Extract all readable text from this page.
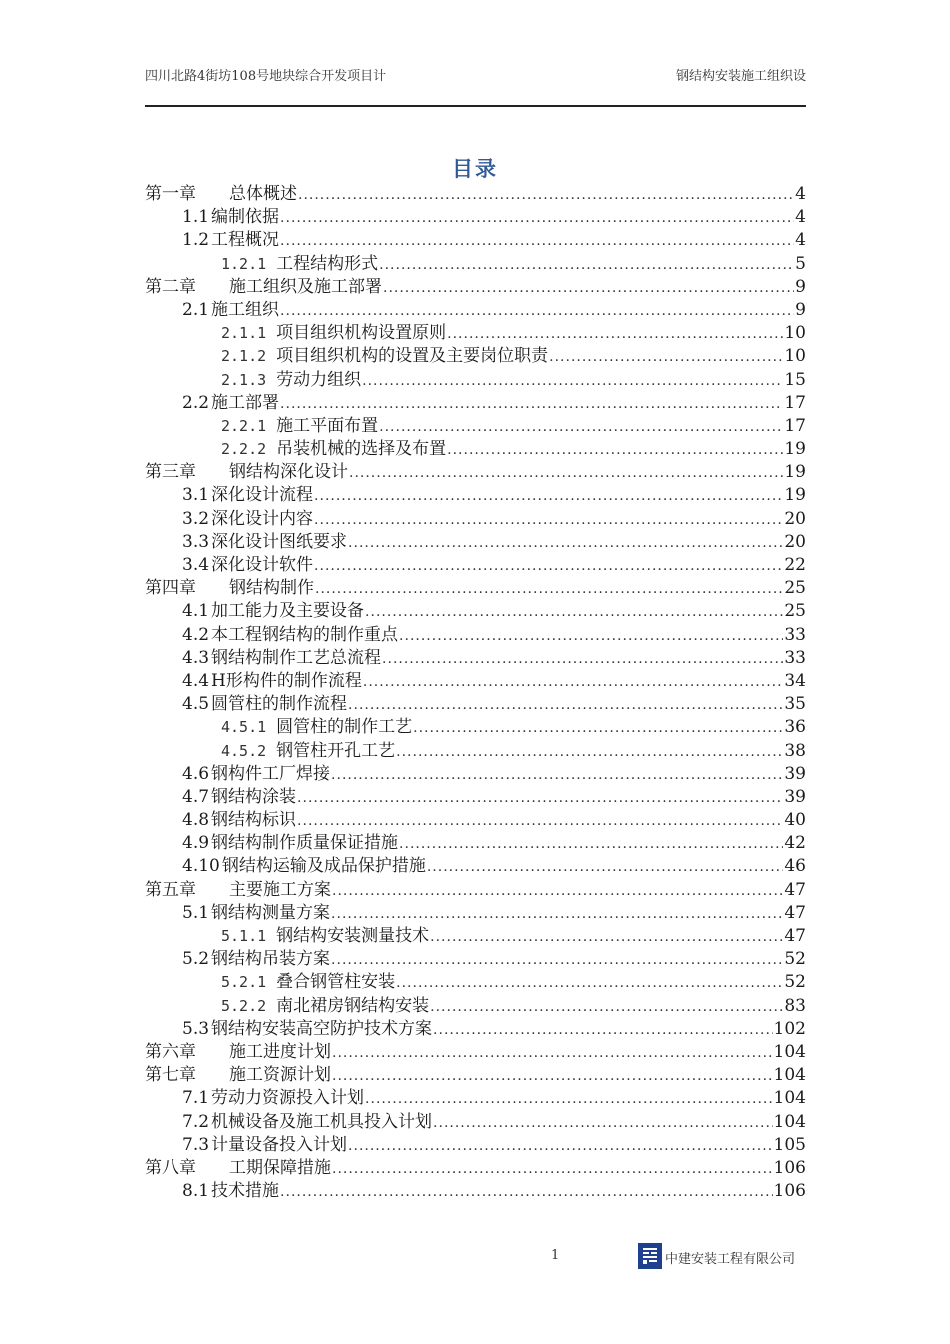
四川北路4街坊108号地块综合开发项目计	钢结构安装施工组织设
目录
第一章 总体概述 .....	4
1.1 编制依据 .....	4
1.2 工程概况 .....	4
1.2.1 工程结构形式 .....	5
第二章 施工组织及施工部署 .....	9
2.1 施工组织 .....	9
2.1.1 项目组织机构设置原则 .....	10
2.1.2 项目组织机构的设置及主要岗位职责 .....	10
2.1.3 劳动力组织 .....	15
2.2 施工部署 .....	17
2.2.1 施工平面布置 .....	17
2.2.2 吊装机械的选择及布置 .....	19
第三章 钢结构深化设计 .....	19
3.1 深化设计流程 .....	19
3.2 深化设计内容 .....	20
3.3 深化设计图纸要求 .....	20
3.4 深化设计软件 .....	22
第四章 钢结构制作 .....	25
4.1 加工能力及主要设备 .....	25
4.2 本工程钢结构的制作重点 .....	33
4.3 钢结构制作工艺总流程 .....	33
4.4 H形构件的制作流程 .....	34
4.5 圆管柱的制作流程 .....	35
4.5.1 圆管柱的制作工艺 .....	36
4.5.2 钢管柱开孔工艺 .....	38
4.6 钢构件工厂焊接 .....	39
4.7 钢结构涂装 .....	39
4.8 钢结构标识 .....	40
4.9 钢结构制作质量保证措施 .....	42
4.10 钢结构运输及成品保护措施 .....	46
第五章 主要施工方案 .....	47
5.1 钢结构测量方案 .....	47
5.1.1 钢结构安装测量技术 .....	47
5.2 钢结构吊装方案 .....	52
5.2.1 叠合钢管柱安装 .....	52
5.2.2 南北裙房钢结构安装 .....	83
5.3 钢结构安装高空防护技术方案 .....	102
第六章 施工进度计划 .....	104
第七章 施工资源计划 .....	104
7.1 劳动力资源投入计划 .....	104
7.2 机械设备及施工机具投入计划 .....	104
7.3 计量设备投入计划 .....	105
第八章 工期保障措施 .....	106
8.1 技术措施 .....	106
1	中建安装工程有限公司
